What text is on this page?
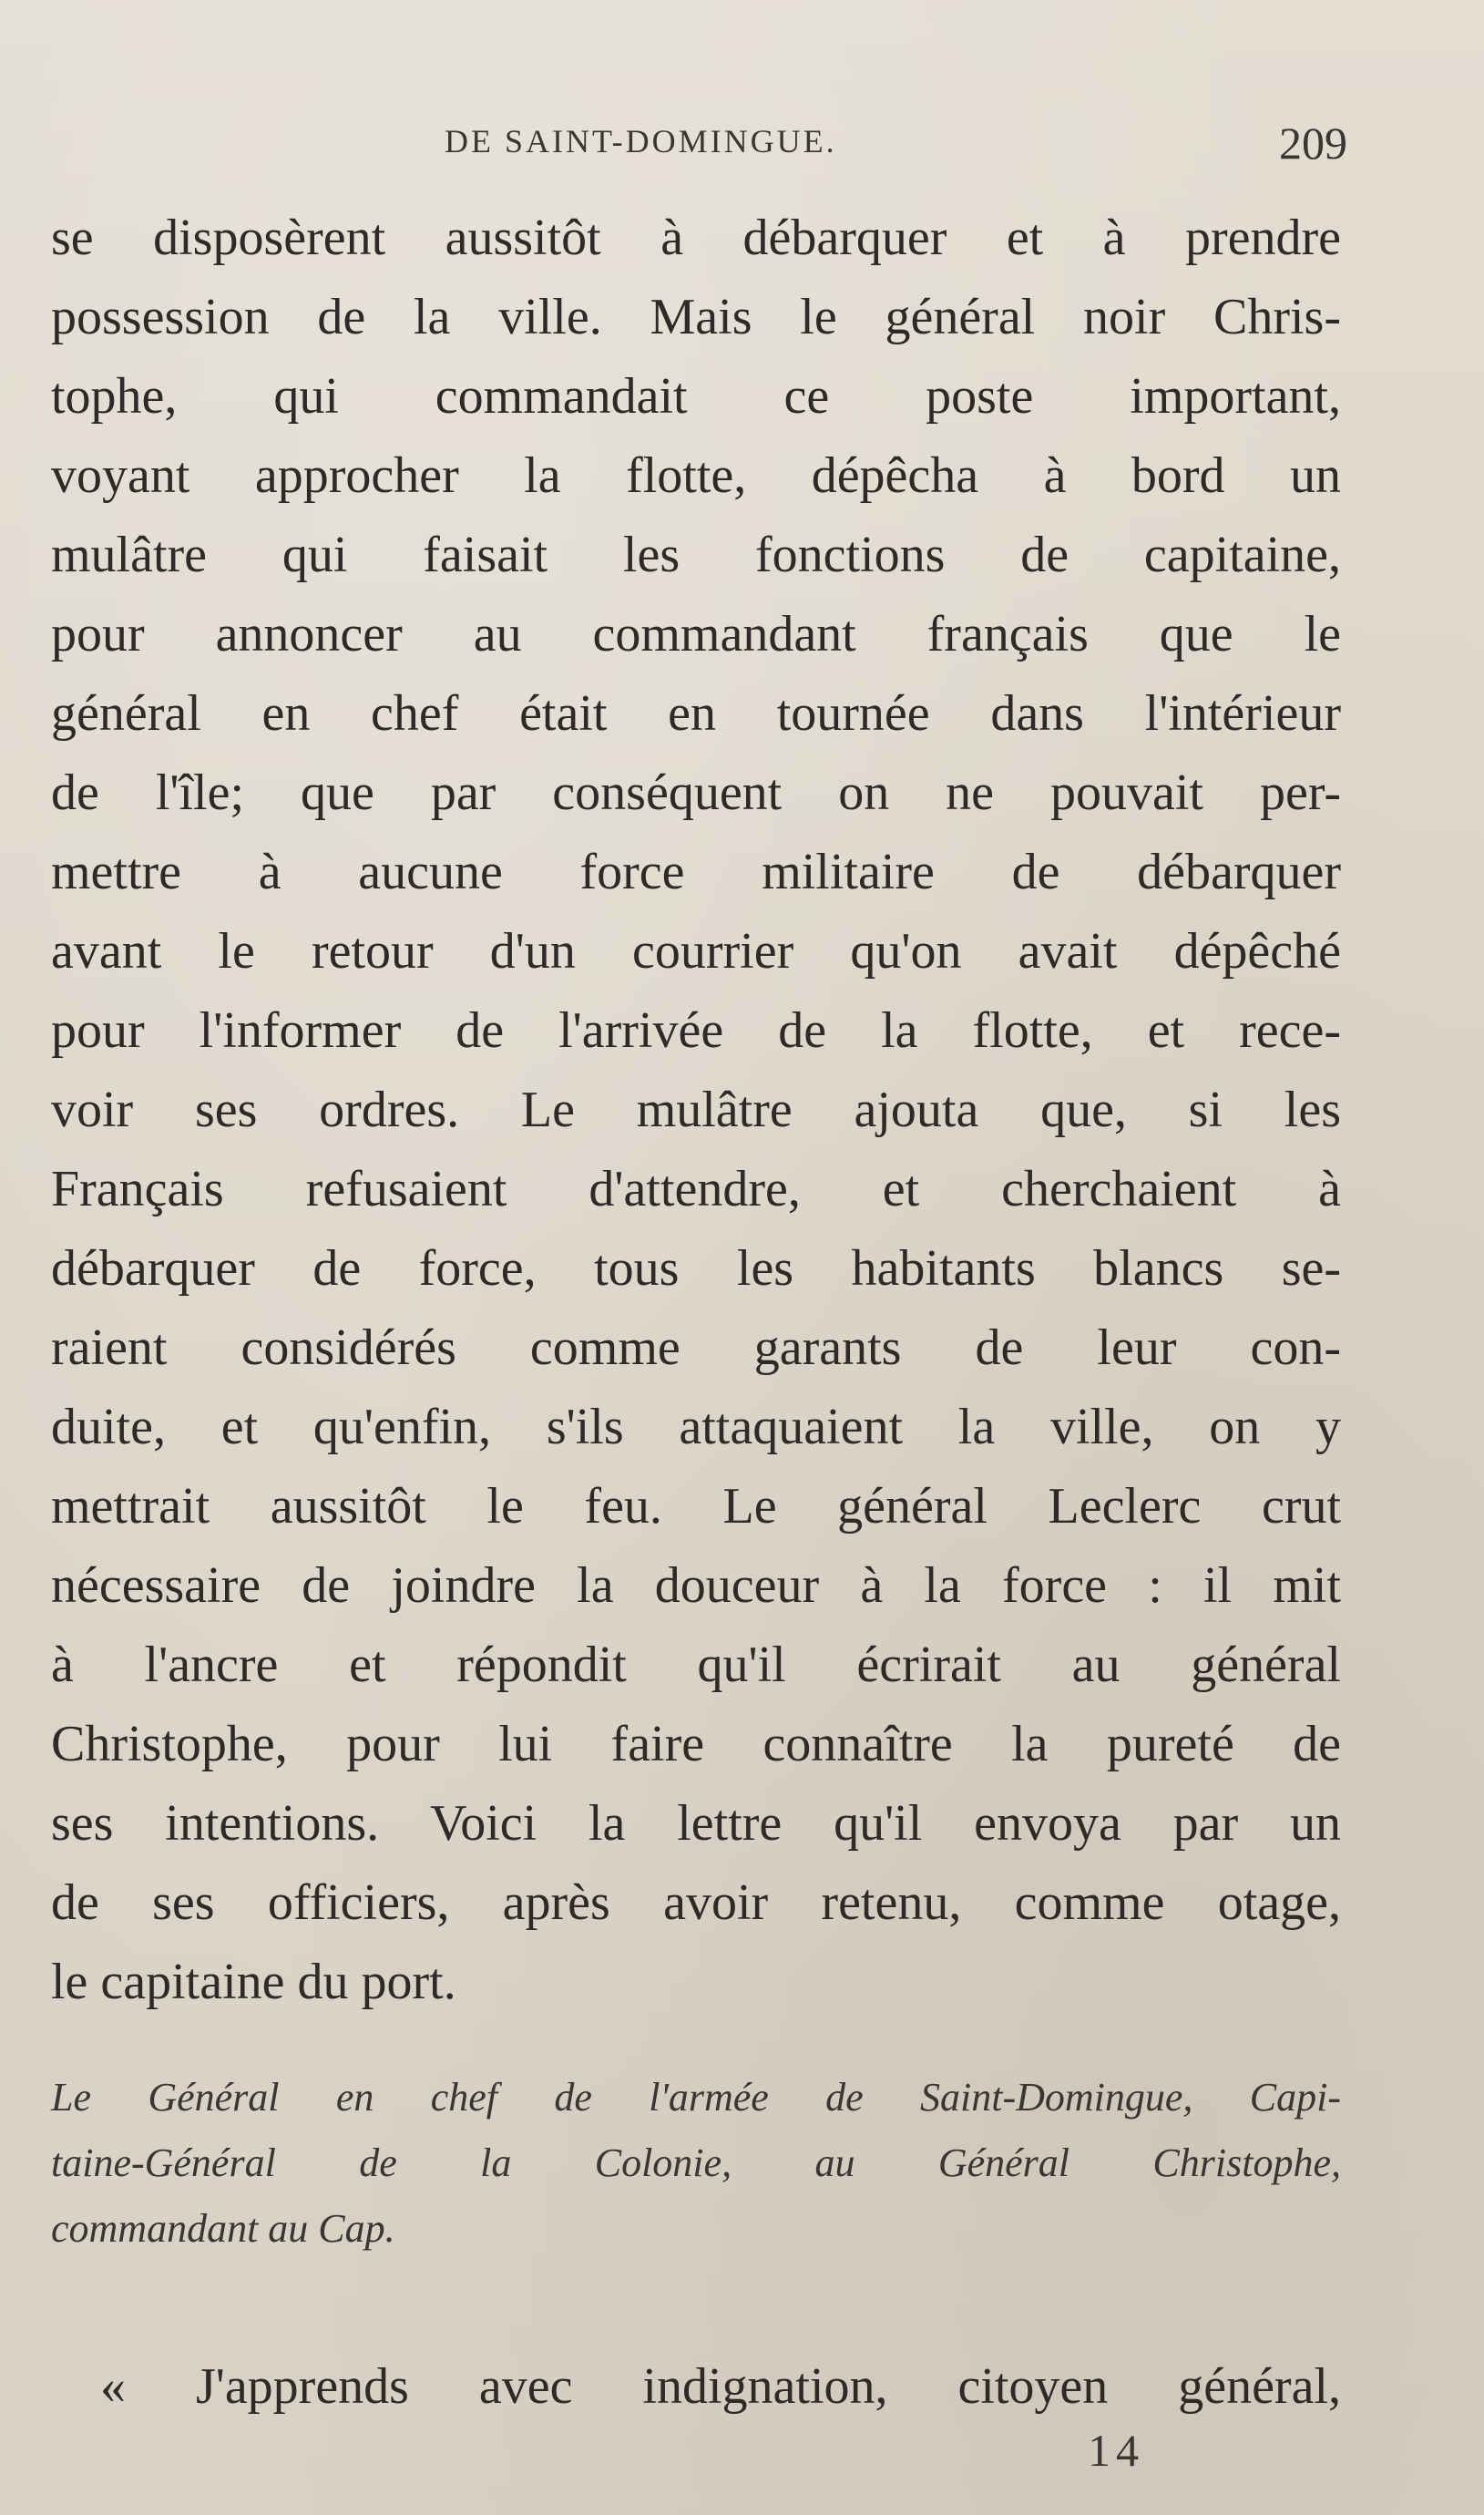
DE SAINT-DOMINGUE.	209
se disposèrent aussitôt à débarquer et à prendre
possession de la ville. Mais le général noir Chris-
tophe, qui commandait ce poste important,
voyant approcher la flotte, dépêcha à bord un
mulâtre qui faisait les fonctions de capitaine,
pour annoncer au commandant français que le
général en chef était en tournée dans l'intérieur
de l'île; que par conséquent on ne pouvait per-
mettre à aucune force militaire de débarquer
avant le retour d'un courrier qu'on avait dépêché
pour l'informer de l'arrivée de la flotte, et rece-
voir ses ordres. Le mulâtre ajouta que, si les
Français refusaient d'attendre, et cherchaient à
débarquer de force, tous les habitants blancs se-
raient considérés comme garants de leur con-
duite, et qu'enfin, s'ils attaquaient la ville, on y
mettrait aussitôt le feu. Le général Leclerc crut
nécessaire de joindre la douceur à la force : il mit
à l'ancre et répondit qu'il écrirait au général
Christophe, pour lui faire connaître la pureté de
ses intentions. Voici la lettre qu'il envoya par un
de ses officiers, après avoir retenu, comme otage,
le capitaine du port.
Le Général en chef de l'armée de Saint-Domingue, Capi-
taine-Général de la Colonie, au Général Christophe,
commandant au Cap.
« J'apprends avec indignation, citoyen général,
14
